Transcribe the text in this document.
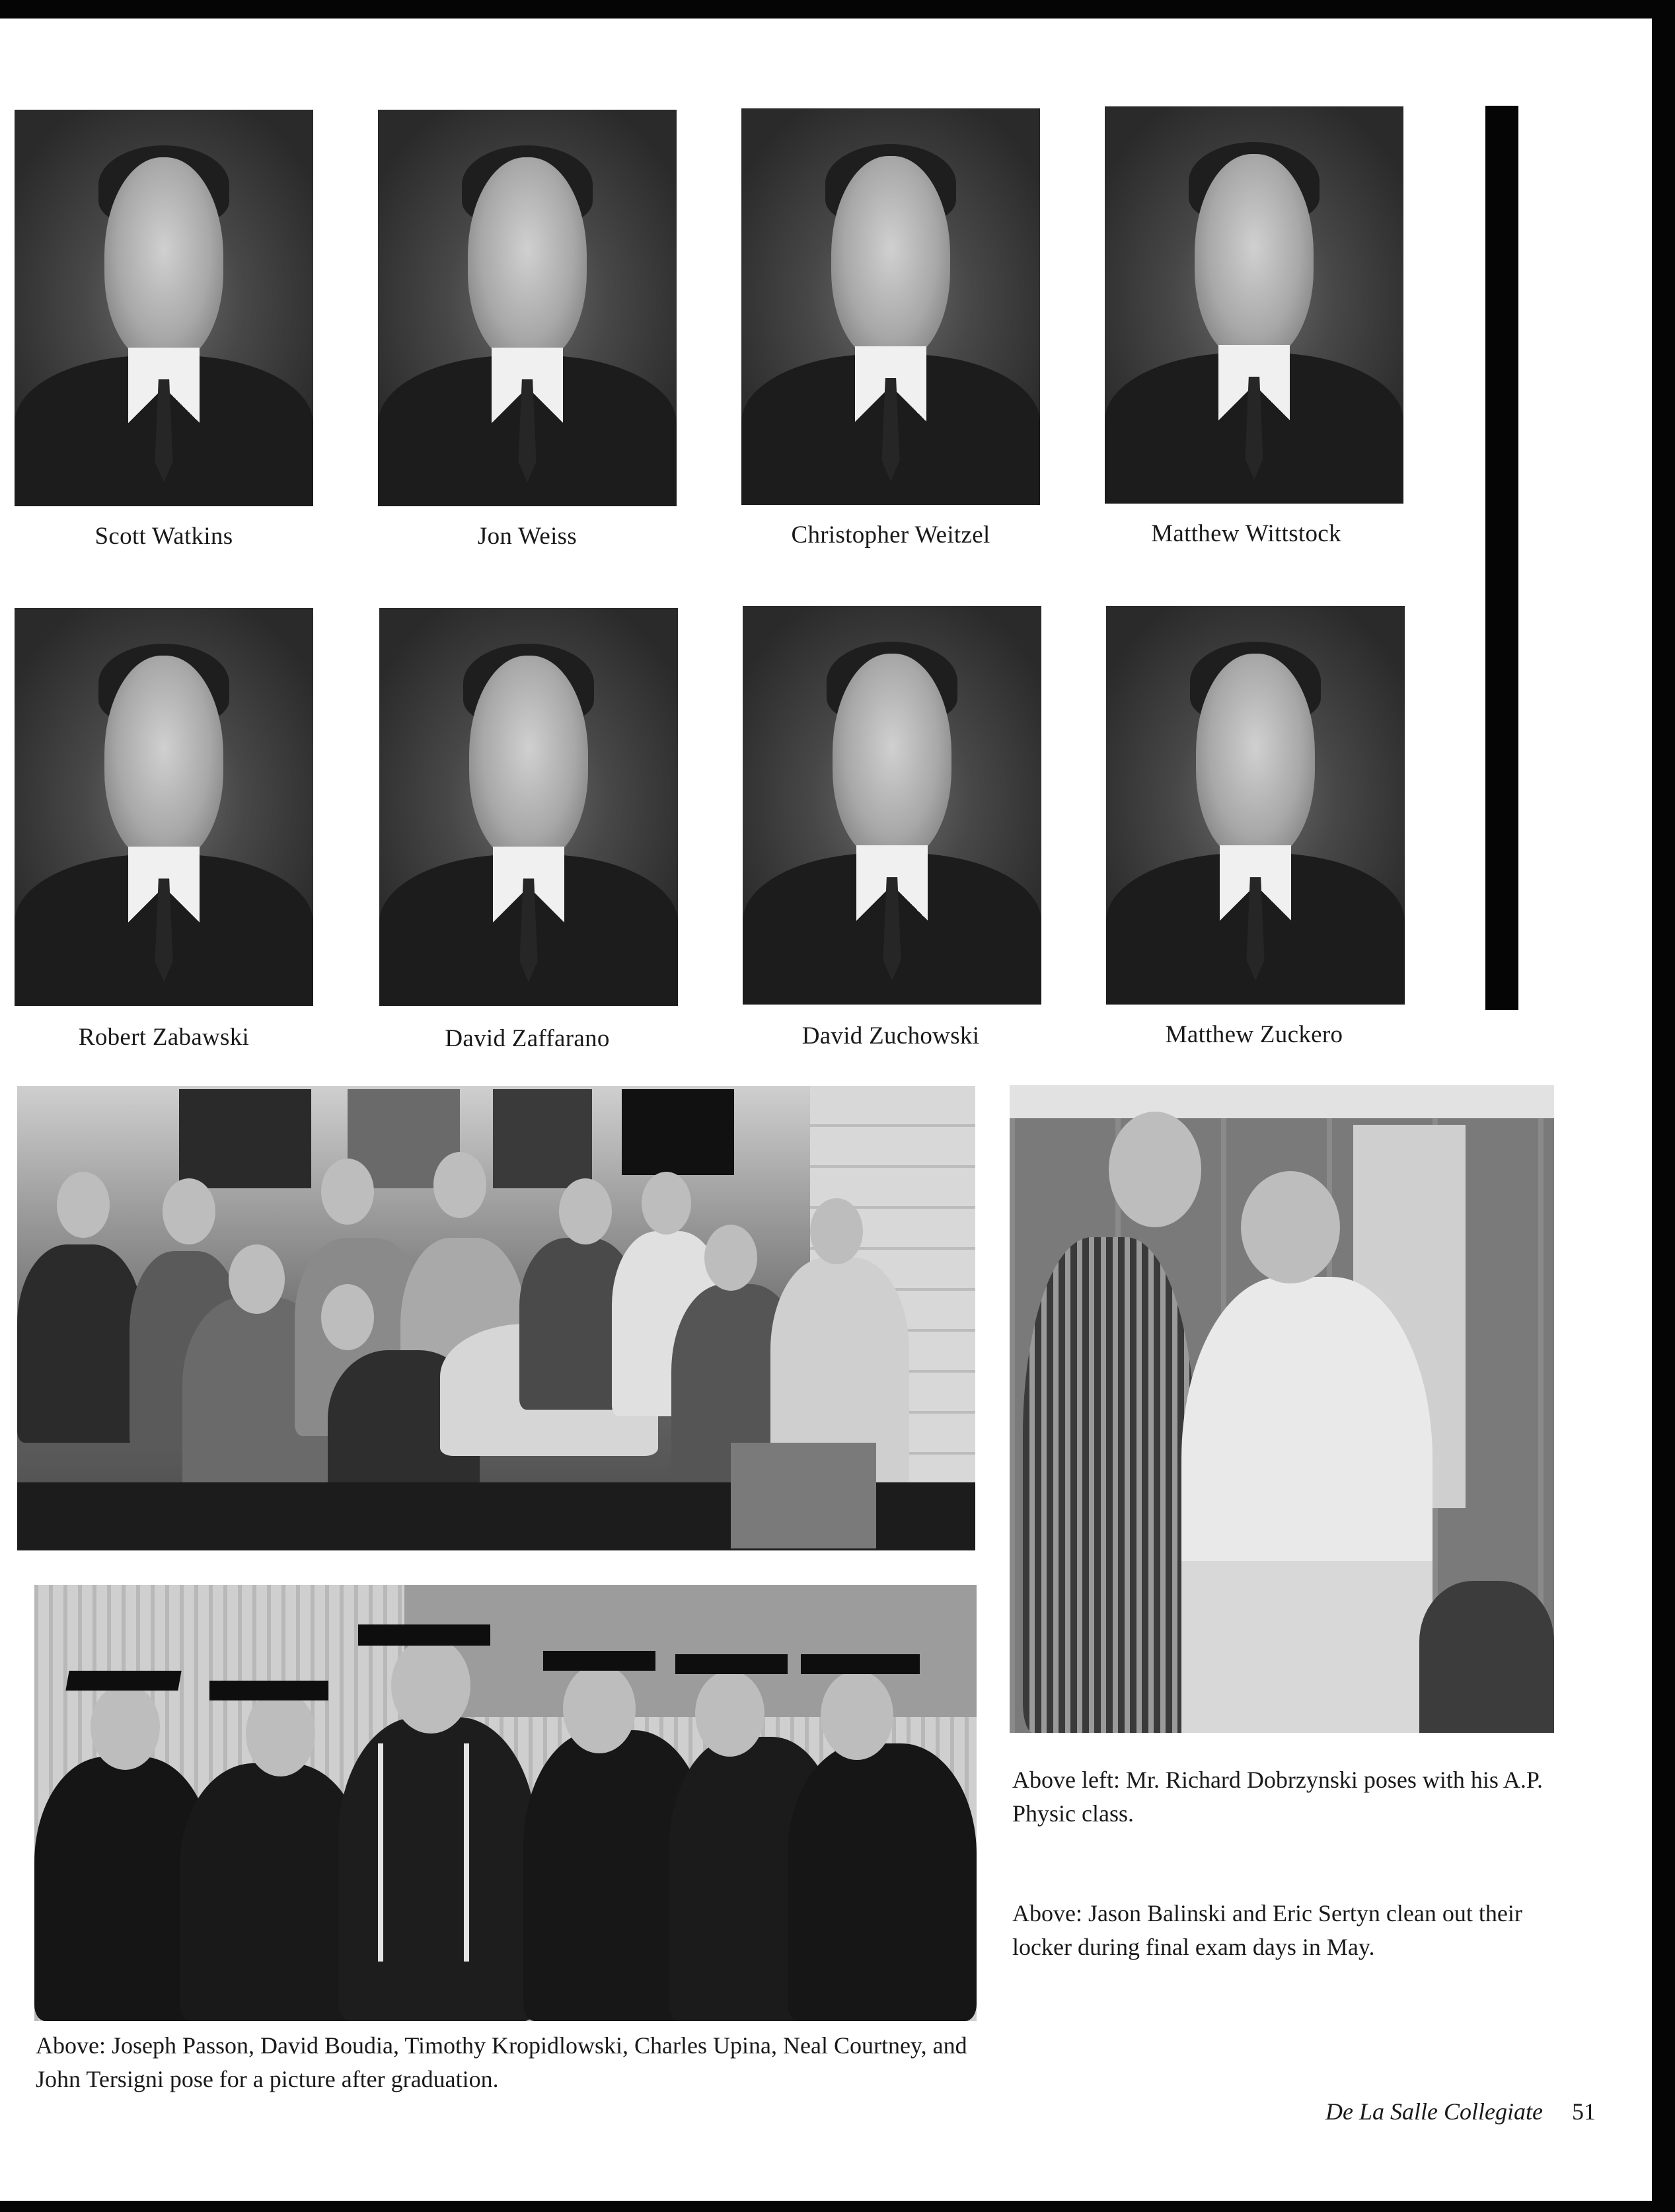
Scott Watkins	Jon Weiss	Christopher Weitzel	Matthew Wittstock
Robert Zabawski	David Zaffarano	David Zuchowski	Matthew Zuckero
Above left: Mr. Richard Dobrzynski poses with his A.P. Physic class.
Above: Jason Balinski and Eric Sertyn clean out their locker during final exam days in May.
Above: Joseph Passon, David Boudia, Timothy Kropidlowski, Charles Upina, Neal Courtney, and John Tersigni pose for a picture after graduation.
De La Salle Collegiate 51
